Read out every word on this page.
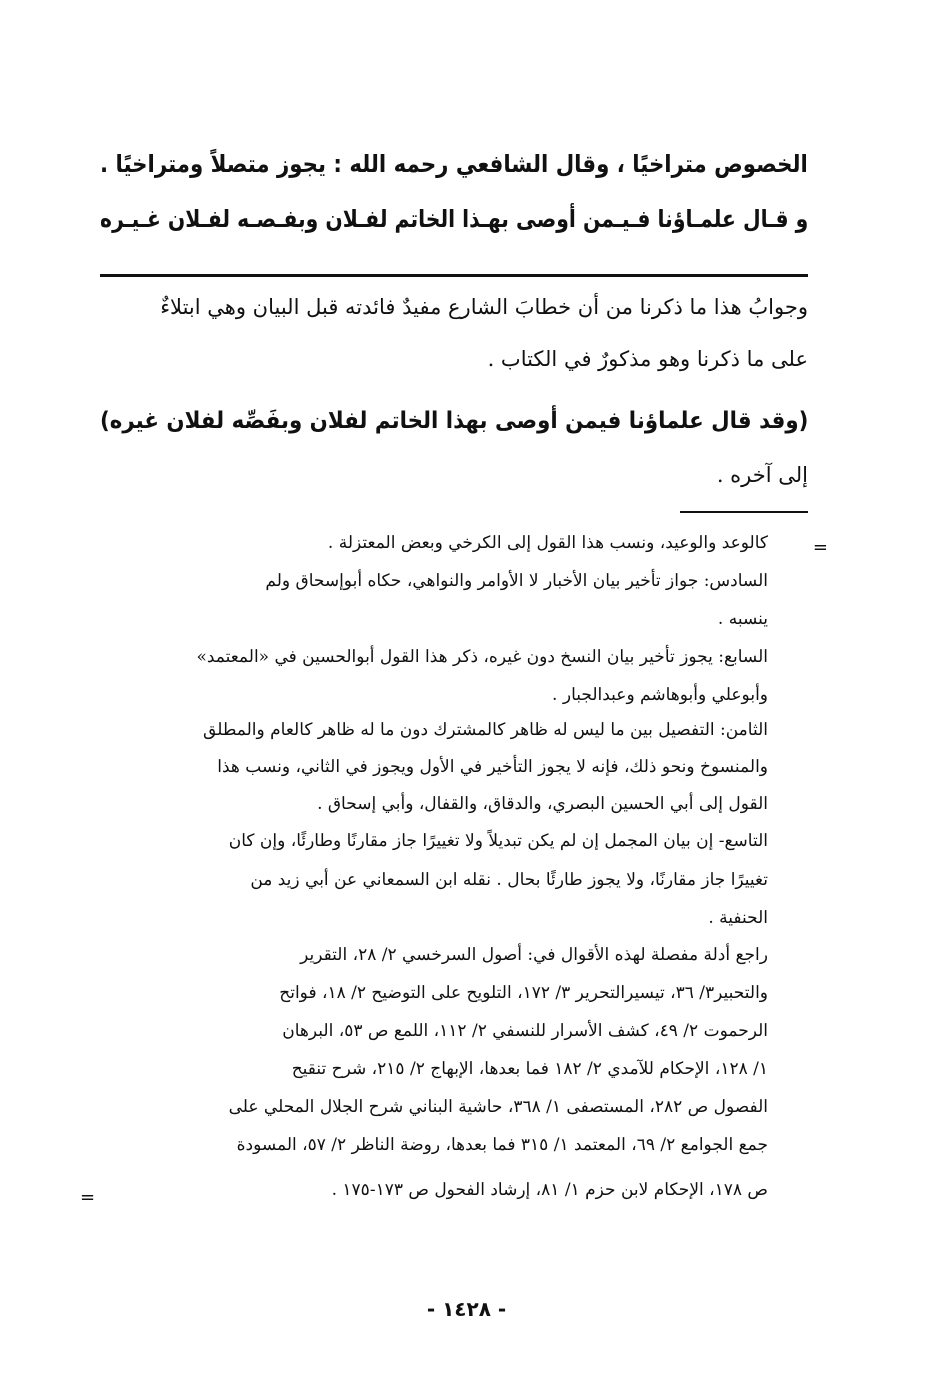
الخصوص متراخيًا ، وقال الشافعي رحمه الله : يجوز متصلاً ومتراخيًا .
و قـال علمـاؤنا فـيـمن أوصى بهـذا الخاتم لفـلان وبفـصـه لفـلان غـيـره
وجوابُ هذا ما ذكرنا من أن خطابَ الشارع مفيدٌ فائدته قبل البيان وهي ابتلاءٌ
على ما ذكرنا وهو مذكورٌ في الكتاب .
(وقد قال علماؤنا فيمن أوصى بهذا الخاتم لفلان وبفَصِّه لفلان غيره)
إلى آخره .
=
كالوعد والوعيد، ونسب هذا القول إلى الكرخي وبعض المعتزلة .
السادس: جواز تأخير بيان الأخبار لا الأوامر والنواهي، حكاه أبوإسحاق ولم
ينسبه .
السابع: يجوز تأخير بيان النسخ دون غيره، ذكر هذا القول أبوالحسين في «المعتمد»
وأبوعلي وأبوهاشم وعبدالجبار .
الثامن: التفصيل بين ما ليس له ظاهر كالمشترك دون ما له ظاهر كالعام والمطلق
والمنسوخ ونحو ذلك، فإنه لا يجوز التأخير في الأول ويجوز في الثاني، ونسب هذا
القول إلى أبي الحسين البصري، والدقاق، والقفال، وأبي إسحاق .
التاسع- إن بيان المجمل إن لم يكن تبديلاً ولا تغييرًا جاز مقارنًا وطارئًا، وإن كان
تغييرًا جاز مقارنًا، ولا يجوز طارئًا بحال . نقله ابن السمعاني عن أبي زيد من
الحنفية .
راجع أدلة مفصلة لهذه الأقوال في: أصول السرخسي ٢/ ٢٨، التقرير
والتحبير٣/ ٣٦، تيسيرالتحرير ٣/ ١٧٢، التلويح على التوضيح ٢/ ١٨، فواتح
الرحموت ٢/ ٤٩، كشف الأسرار للنسفي ٢/ ١١٢، اللمع ص ٥٣، البرهان
١/ ١٢٨، الإحكام للآمدي ٢/ ١٨٢ فما بعدها، الإبهاج ٢/ ٢١٥، شرح تنقيح
الفصول ص ٢٨٢، المستصفى ١/ ٣٦٨، حاشية البناني شرح الجلال المحلي على
جمع الجوامع ٢/ ٦٩، المعتمد ١/ ٣١٥ فما بعدها، روضة الناظر ٢/ ٥٧، المسودة
ص ١٧٨، الإحكام لابن حزم ١/ ٨١، إرشاد الفحول ص ١٧٣-١٧٥ .
=
- ١٤٢٨ -
